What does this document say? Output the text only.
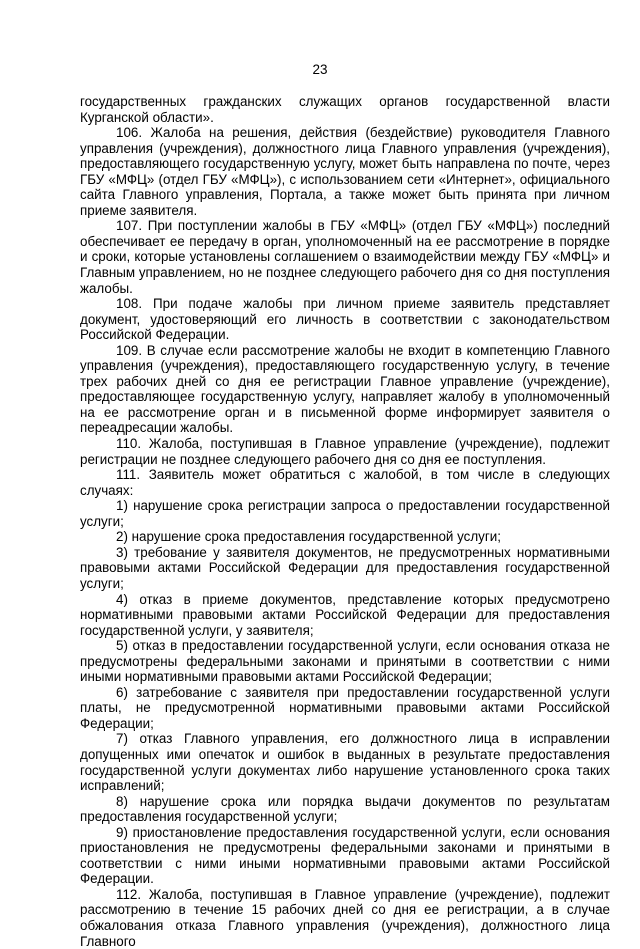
23

государственных гражданских служащих органов государственной власти Курганской области».

106. Жалоба на решения, действия (бездействие) руководителя Главного управления (учреждения), должностного лица Главного управления (учреждения), предоставляющего государственную услугу, может быть направлена по почте, через ГБУ «МФЦ» (отдел ГБУ «МФЦ»), с использованием сети «Интернет», официального сайта Главного управления, Портала, а также может быть принята при личном приеме заявителя.

107. При поступлении жалобы в ГБУ «МФЦ» (отдел ГБУ «МФЦ») последний обеспечивает ее передачу в орган, уполномоченный на ее рассмотрение в порядке и сроки, которые установлены соглашением о взаимодействии между ГБУ «МФЦ» и Главным управлением, но не позднее следующего рабочего дня со дня поступления жалобы.

108. При подаче жалобы при личном приеме заявитель представляет документ, удостоверяющий его личность в соответствии с законодательством Российской Федерации.

109. В случае если рассмотрение жалобы не входит в компетенцию Главного управления (учреждения), предоставляющего государственную услугу, в течение трех рабочих дней со дня ее регистрации Главное управление (учреждение), предоставляющее государственную услугу, направляет жалобу в уполномоченный на ее рассмотрение орган и в письменной форме информирует заявителя о переадресации жалобы.

110. Жалоба, поступившая в Главное управление (учреждение), подлежит регистрации не позднее следующего рабочего дня со дня ее поступления.

111. Заявитель может обратиться с жалобой, в том числе в следующих случаях:

1) нарушение срока регистрации запроса о предоставлении государственной услуги;

2) нарушение срока предоставления государственной услуги;

3) требование у заявителя документов, не предусмотренных нормативными правовыми актами Российской Федерации для предоставления государственной услуги;

4) отказ в приеме документов, представление которых предусмотрено нормативными правовыми актами Российской Федерации для предоставления государственной услуги, у заявителя;

5) отказ в предоставлении государственной услуги, если основания отказа не предусмотрены федеральными законами и принятыми в соответствии с ними иными нормативными правовыми актами Российской Федерации;

6) затребование с заявителя при предоставлении государственной услуги платы, не предусмотренной нормативными правовыми актами Российской Федерации;

7) отказ Главного управления, его должностного лица в исправлении допущенных ими опечаток и ошибок в выданных в результате предоставления государственной услуги документах либо нарушение установленного срока таких исправлений;

8) нарушение срока или порядка выдачи документов по результатам предоставления государственной услуги;

9) приостановление предоставления государственной услуги, если основания приостановления не предусмотрены федеральными законами и принятыми в соответствии с ними иными нормативными правовыми актами Российской Федерации.

112. Жалоба, поступившая в Главное управление (учреждение), подлежит рассмотрению в течение 15 рабочих дней со дня ее регистрации, а в случае обжалования отказа Главного управления (учреждения), должностного лица Главного
